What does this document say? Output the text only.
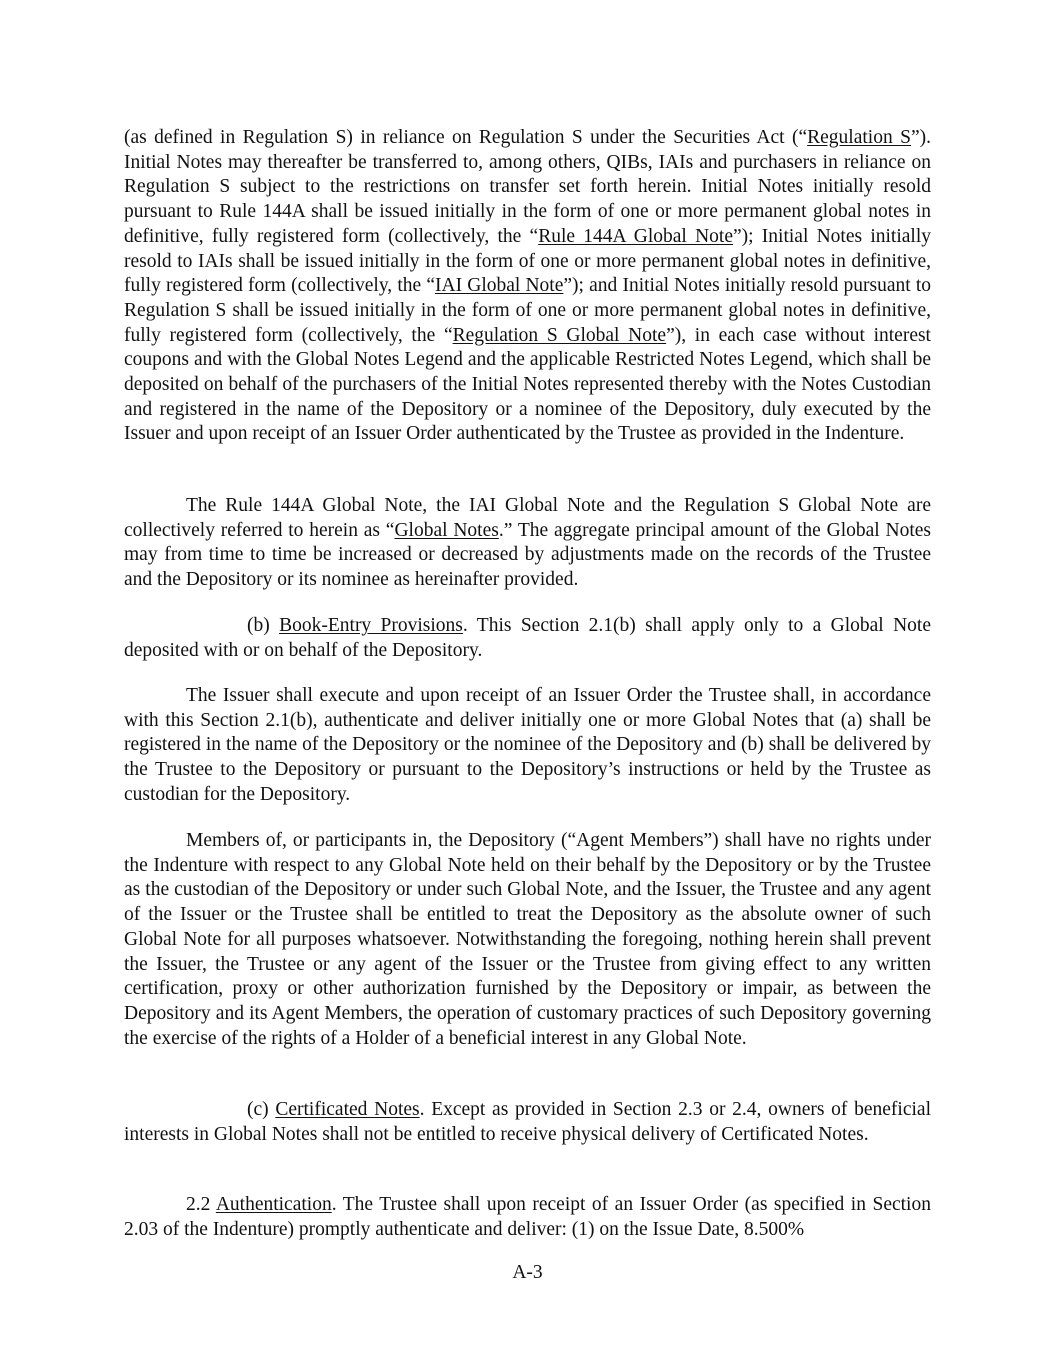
(as defined in Regulation S) in reliance on Regulation S under the Securities Act (“Regulation S”). Initial Notes may thereafter be transferred to, among others, QIBs, IAIs and purchasers in reliance on Regulation S subject to the restrictions on transfer set forth herein. Initial Notes initially resold pursuant to Rule 144A shall be issued initially in the form of one or more permanent global notes in definitive, fully registered form (collectively, the “Rule 144A Global Note”); Initial Notes initially resold to IAIs shall be issued initially in the form of one or more permanent global notes in definitive, fully registered form (collectively, the “IAI Global Note”); and Initial Notes initially resold pursuant to Regulation S shall be issued initially in the form of one or more permanent global notes in definitive, fully registered form (collectively, the “Regulation S Global Note”), in each case without interest coupons and with the Global Notes Legend and the applicable Restricted Notes Legend, which shall be deposited on behalf of the purchasers of the Initial Notes represented thereby with the Notes Custodian and registered in the name of the Depository or a nominee of the Depository, duly executed by the Issuer and upon receipt of an Issuer Order authenticated by the Trustee as provided in the Indenture.

The Rule 144A Global Note, the IAI Global Note and the Regulation S Global Note are collectively referred to herein as “Global Notes.” The aggregate principal amount of the Global Notes may from time to time be increased or decreased by adjustments made on the records of the Trustee and the Depository or its nominee as hereinafter provided.

(b) Book-Entry Provisions. This Section 2.1(b) shall apply only to a Global Note deposited with or on behalf of the Depository.

The Issuer shall execute and upon receipt of an Issuer Order the Trustee shall, in accordance with this Section 2.1(b), authenticate and deliver initially one or more Global Notes that (a) shall be registered in the name of the Depository or the nominee of the Depository and (b) shall be delivered by the Trustee to the Depository or pursuant to the Depository’s instructions or held by the Trustee as custodian for the Depository.

Members of, or participants in, the Depository (“Agent Members”) shall have no rights under the Indenture with respect to any Global Note held on their behalf by the Depository or by the Trustee as the custodian of the Depository or under such Global Note, and the Issuer, the Trustee and any agent of the Issuer or the Trustee shall be entitled to treat the Depository as the absolute owner of such Global Note for all purposes whatsoever. Notwithstanding the foregoing, nothing herein shall prevent the Issuer, the Trustee or any agent of the Issuer or the Trustee from giving effect to any written certification, proxy or other authorization furnished by the Depository or impair, as between the Depository and its Agent Members, the operation of customary practices of such Depository governing the exercise of the rights of a Holder of a beneficial interest in any Global Note.

(c) Certificated Notes. Except as provided in Section 2.3 or 2.4, owners of beneficial interests in Global Notes shall not be entitled to receive physical delivery of Certificated Notes.

2.2 Authentication. The Trustee shall upon receipt of an Issuer Order (as specified in Section 2.03 of the Indenture) promptly authenticate and deliver: (1) on the Issue Date, 8.500%

A-3
